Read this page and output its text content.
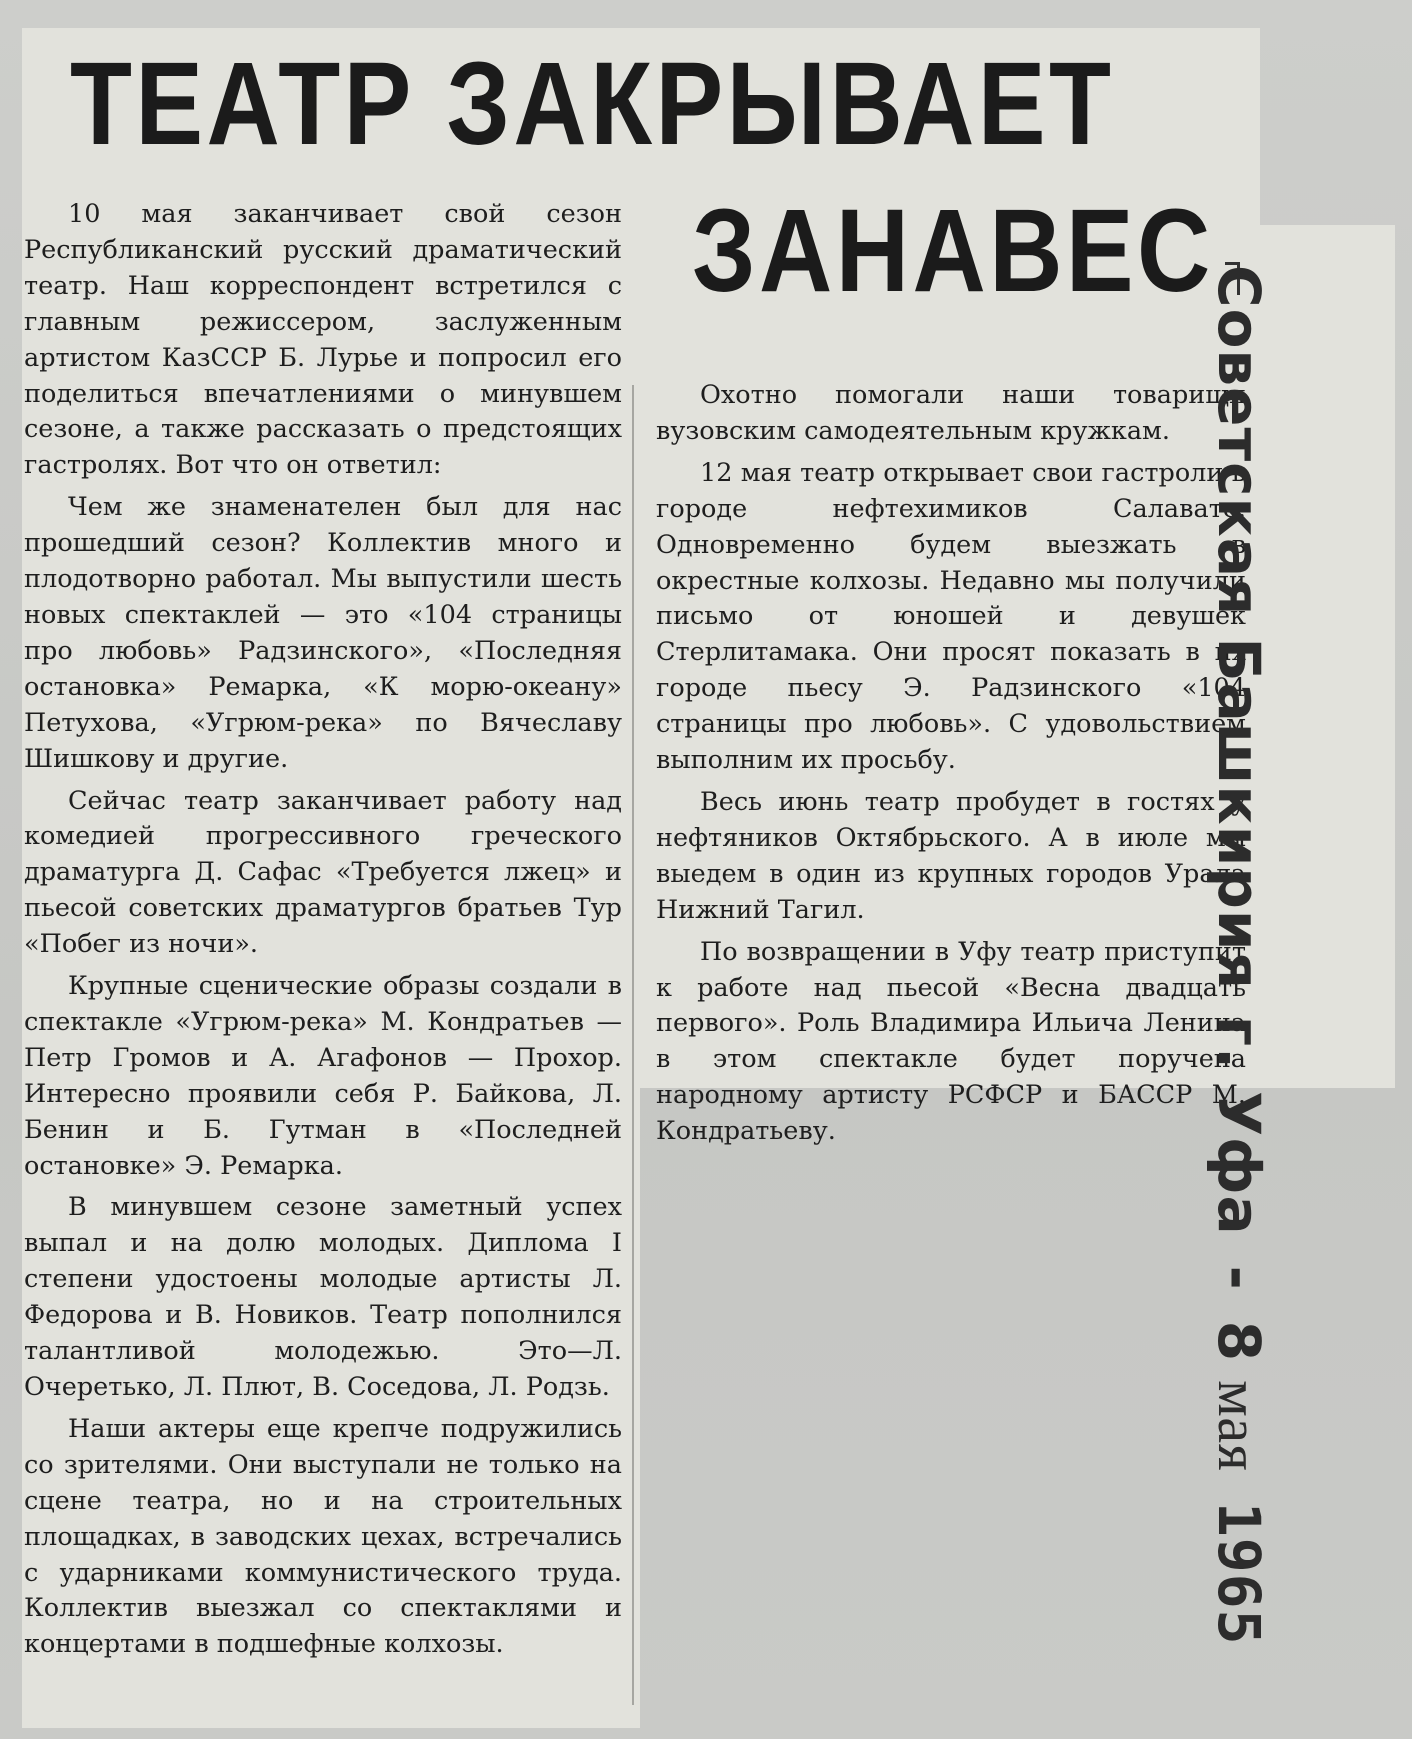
ТЕАТР ЗАКРЫВАЕТ
ЗАНАВЕС

10 мая заканчивает свой сезон Республиканский русский драматический театр. Наш корреспондент встретился с главным режиссером, заслуженным артистом КазССР Б. Лурье и попросил его поделиться впечатлениями о минувшем сезоне, а также рассказать о предстоящих гастролях. Вот что он ответил:

Чем же знаменателен был для нас прошедший сезон? Коллектив много и плодотворно работал. Мы выпустили шесть новых спектаклей — это «104 страницы про любовь» Радзинского», «Последняя остановка» Ремарка, «К морю-океану» Петухова, «Угрюм-река» по Вячеславу Шишкову и другие.

Сейчас театр заканчивает работу над комедией прогрессивного греческого драматурга Д. Сафас «Требуется лжец» и пьесой советских драматургов братьев Тур «Побег из ночи».

Крупные сценические образы создали в спектакле «Угрюм-река» М. Кондратьев — Петр Громов и А. Агафонов — Прохор. Интересно проявили себя Р. Байкова, Л. Бенин и Б. Гутман в «Последней остановке» Э. Ремарка.

В минувшем сезоне заметный успех выпал и на долю молодых. Диплома I степени удостоены молодые артисты Л. Федорова и В. Новиков. Театр пополнился талантливой молодежью. Это—Л. Очеретько, Л. Плют, В. Соседова, Л. Родзь.

Наши актеры еще крепче подружились со зрителями. Они выступали не только на сцене театра, но и на строительных площадках, в заводских цехах, встречались с ударниками коммунистического труда. Коллектив выезжал со спектаклями и концертами в подшефные колхозы.

Охотно помогали наши товарищи вузовским самодеятельным кружкам.

12 мая театр открывает свои гастроли в городе нефтехимиков Салавате. Одновременно будем выезжать в окрестные колхозы. Недавно мы получили письмо от юношей и девушек Стерлитамака. Они просят показать в их городе пьесу Э. Радзинского «104 страницы про любовь». С удовольствием выполним их просьбу.

Весь июнь театр пробудет в гостях у нефтяников Октябрьского. А в июле мы выедем в один из крупных городов Урала Нижний Тагил.

По возвращении в Уфу театр приступит к работе над пьесой «Весна двадцать первого». Роль Владимира Ильича Ленина в этом спектакле будет поручена народному артисту РСФСР и БАССР М. Кондратьеву.

Советская Башкирияг. Уфа-8мая1965
